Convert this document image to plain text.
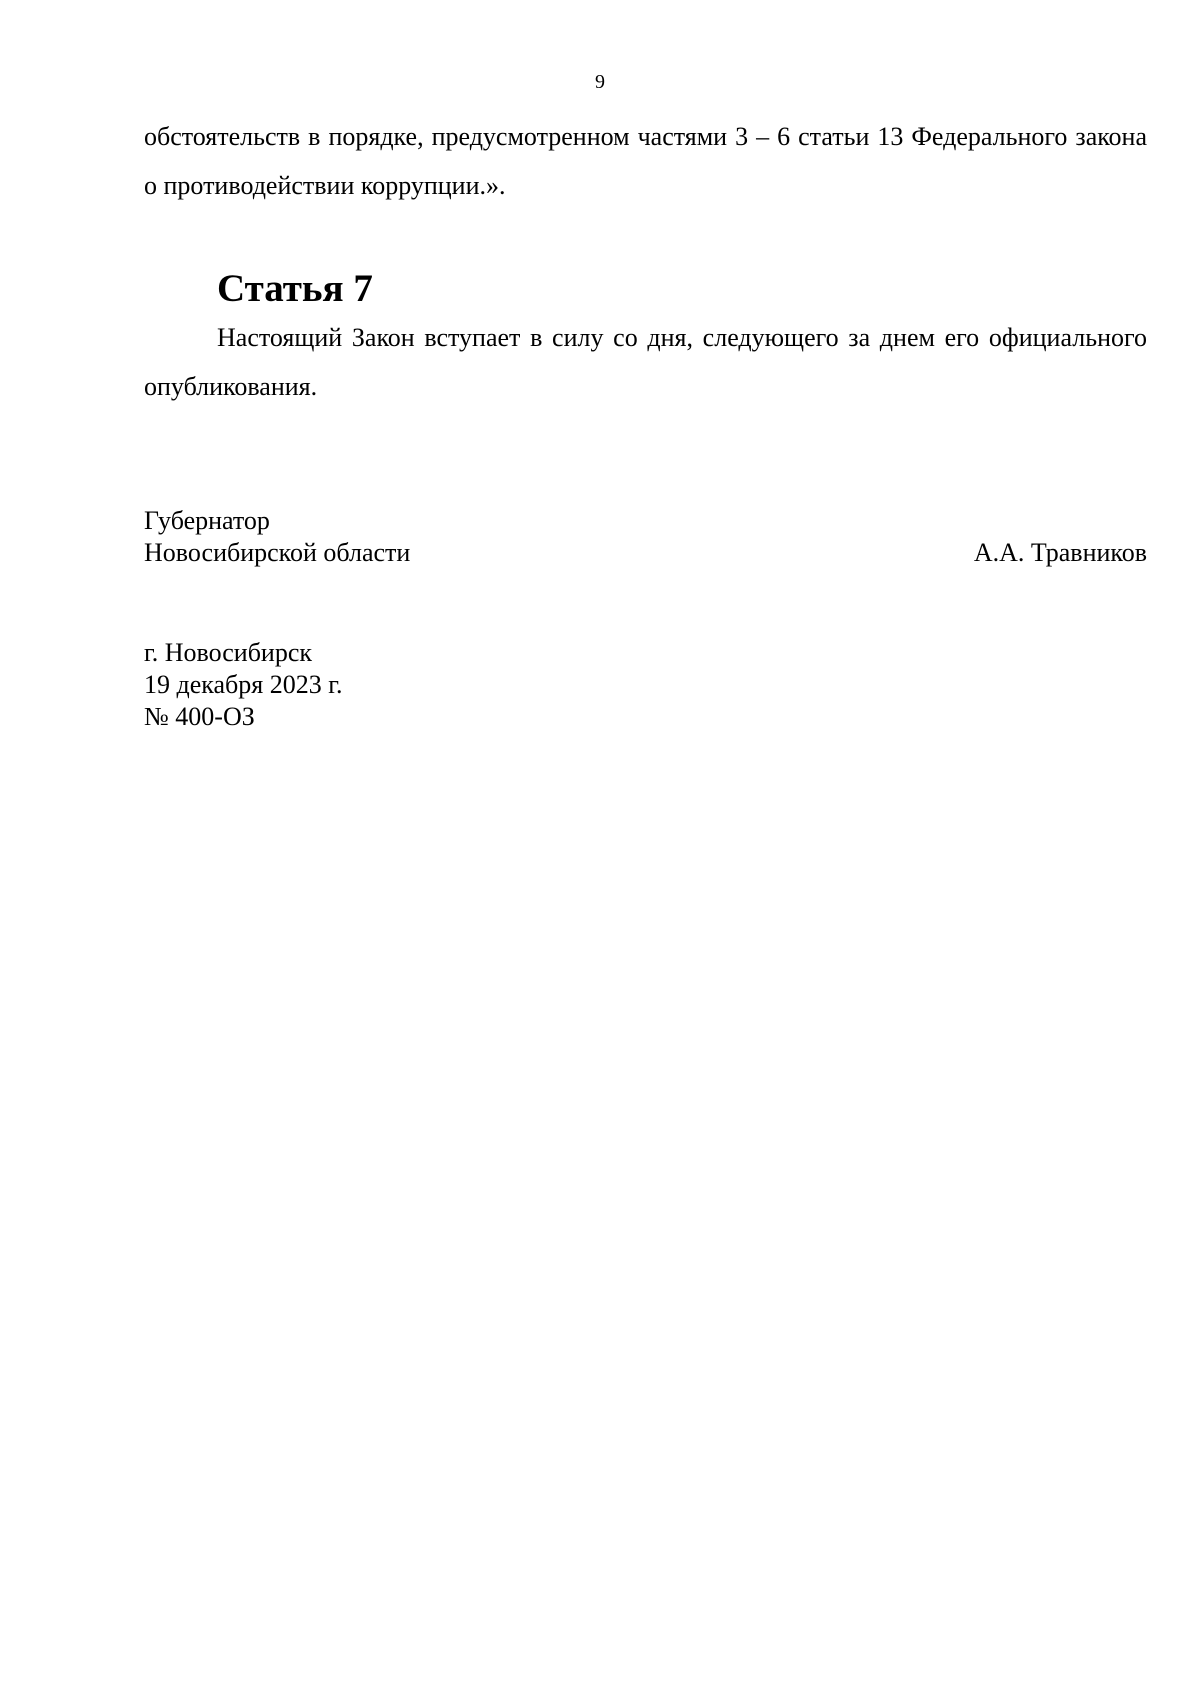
9

обстоятельств в порядке, предусмотренном частями 3 – 6 статьи 13 Федерального закона о противодействии коррупции.».

Статья 7

Настоящий Закон вступает в силу со дня, следующего за днем его официального опубликования.

Губернатор
Новосибирской области	А.А. Травников
г. Новосибирск
19 декабря 2023 г.
№ 400-ОЗ
